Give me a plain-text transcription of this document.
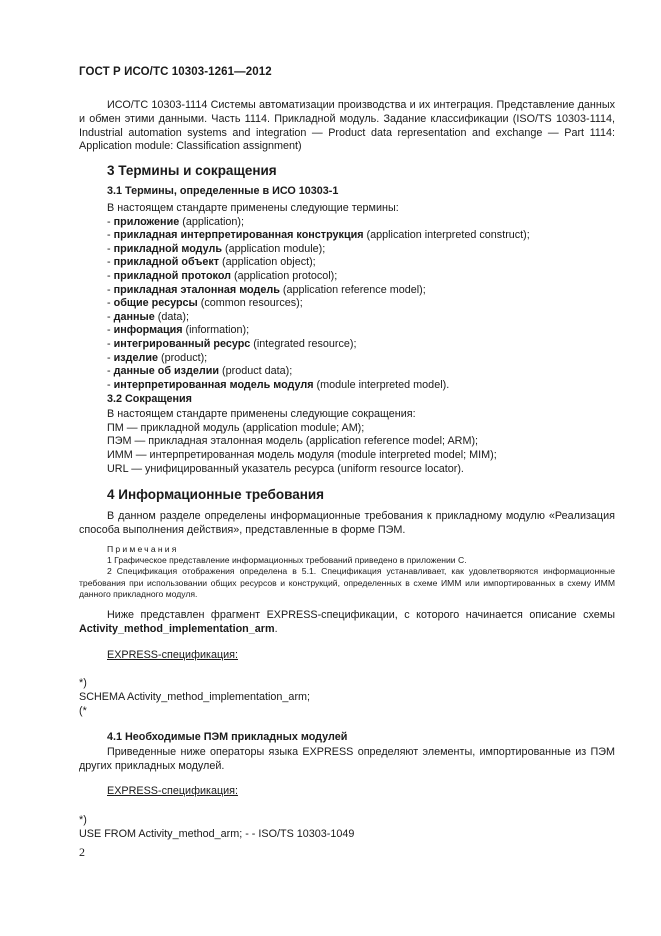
ГОСТ Р ИСО/ТС 10303-1261—2012
ИСО/ТС 10303-1114 Системы автоматизации производства и их интеграция. Представление данных и обмен этими данными. Часть 1114. Прикладной модуль. Задание классификации (ISO/TS 10303-1114, Industrial automation systems and integration — Product data representation and exchange — Part 1114: Application module: Classification assignment)
3 Термины и сокращения
3.1 Термины, определенные в ИСО 10303-1
В настоящем стандарте применены следующие термины:
- приложение (application);
- прикладная интерпретированная конструкция (application interpreted construct);
- прикладной модуль (application module);
- прикладной объект (application object);
- прикладной протокол (application protocol);
- прикладная эталонная модель (application reference model);
- общие ресурсы (common resources);
- данные (data);
- информация (information);
- интегрированный ресурс (integrated resource);
- изделие (product);
- данные об изделии (product data);
- интерпретированная модель модуля (module interpreted model).
3.2 Сокращения
В настоящем стандарте применены следующие сокращения:
ПМ — прикладной модуль (application module; AM);
ПЭМ — прикладная эталонная модель (application reference model; ARM);
ИММ — интерпретированная модель модуля (module interpreted model; MIM);
URL — унифицированный указатель ресурса (uniform resource locator).
4 Информационные требования
В данном разделе определены информационные требования к прикладному модулю «Реализация способа выполнения действия», представленные в форме ПЭМ.
Примечания
1 Графическое представление информационных требований приведено в приложении С.
2 Спецификация отображения определена в 5.1. Спецификация устанавливает, как удовлетворяются информационные требования при использовании общих ресурсов и конструкций, определенных в схеме ИММ или импортированных в схему ИММ данного прикладного модуля.
Ниже представлен фрагмент EXPRESS-спецификации, с которого начинается описание схемы Activity_method_implementation_arm.
EXPRESS-спецификация:
*)
SCHEMA Activity_method_implementation_arm;
(*
4.1 Необходимые ПЭМ прикладных модулей
Приведенные ниже операторы языка EXPRESS определяют элементы, импортированные из ПЭМ других прикладных модулей.
EXPRESS-спецификация:
*)
USE FROM Activity_method_arm; - - ISO/TS 10303-1049
2
